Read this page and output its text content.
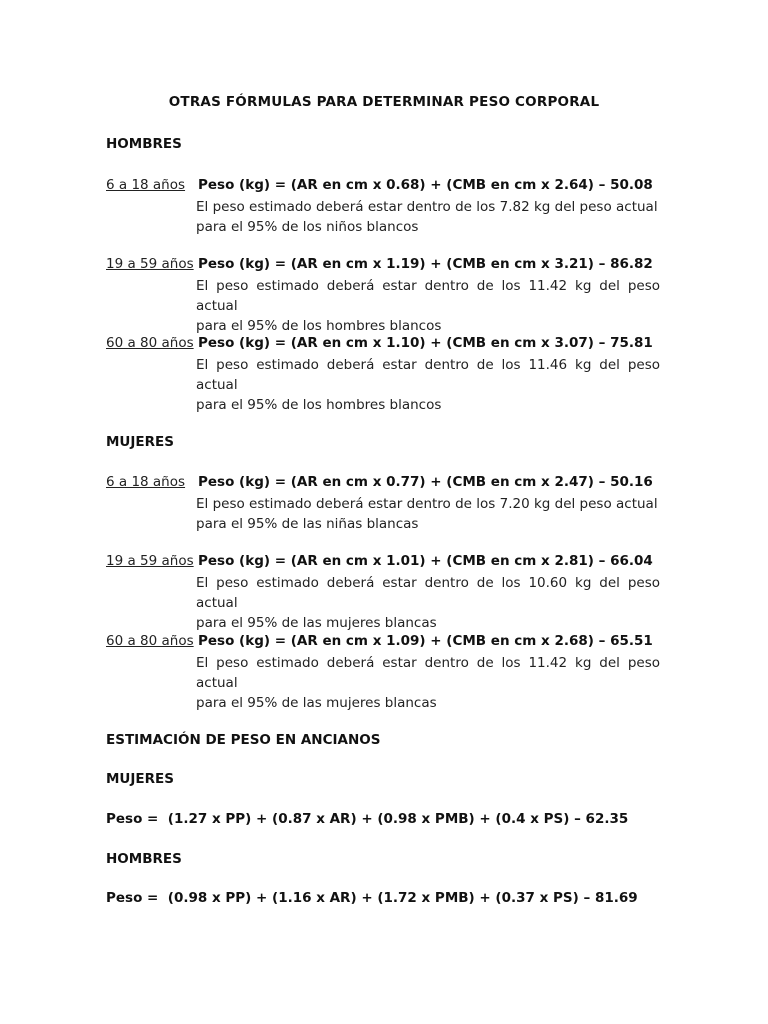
OTRAS FÓRMULAS PARA DETERMINAR PESO CORPORAL
HOMBRES
6 a 18 años Peso (kg) = (AR en cm x 0.68) + (CMB en cm x 2.64) – 50.08
El peso estimado deberá estar dentro de los 7.82 kg del peso actual
para el 95% de los niños blancos
19 a 59 años Peso (kg) = (AR en cm x 1.19) + (CMB en cm x 3.21) – 86.82
El peso estimado deberá estar dentro de los 11.42 kg del peso actual
para el 95% de los hombres blancos
60 a 80 años Peso (kg) = (AR en cm x 1.10) + (CMB en cm x 3.07) – 75.81
El peso estimado deberá estar dentro de los 11.46 kg del peso actual
para el 95% de los hombres blancos
MUJERES
6 a 18 años Peso (kg) = (AR en cm x 0.77) + (CMB en cm x 2.47) – 50.16
El peso estimado deberá estar dentro de los 7.20 kg del peso actual
para el 95% de las niñas blancas
19 a 59 años Peso (kg) = (AR en cm x 1.01) + (CMB en cm x 2.81) – 66.04
El peso estimado deberá estar dentro de los 10.60 kg del peso actual
para el 95% de las mujeres blancas
60 a 80 años Peso (kg) = (AR en cm x 1.09) + (CMB en cm x 2.68) – 65.51
El peso estimado deberá estar dentro de los 11.42 kg del peso actual
para el 95% de las mujeres blancas
ESTIMACIÓN DE PESO EN ANCIANOS
MUJERES
Peso =  (1.27 x PP) + (0.87 x AR) + (0.98 x PMB) + (0.4 x PS) – 62.35
HOMBRES
Peso =  (0.98 x PP) + (1.16 x AR) + (1.72 x PMB) + (0.37 x PS) – 81.69
